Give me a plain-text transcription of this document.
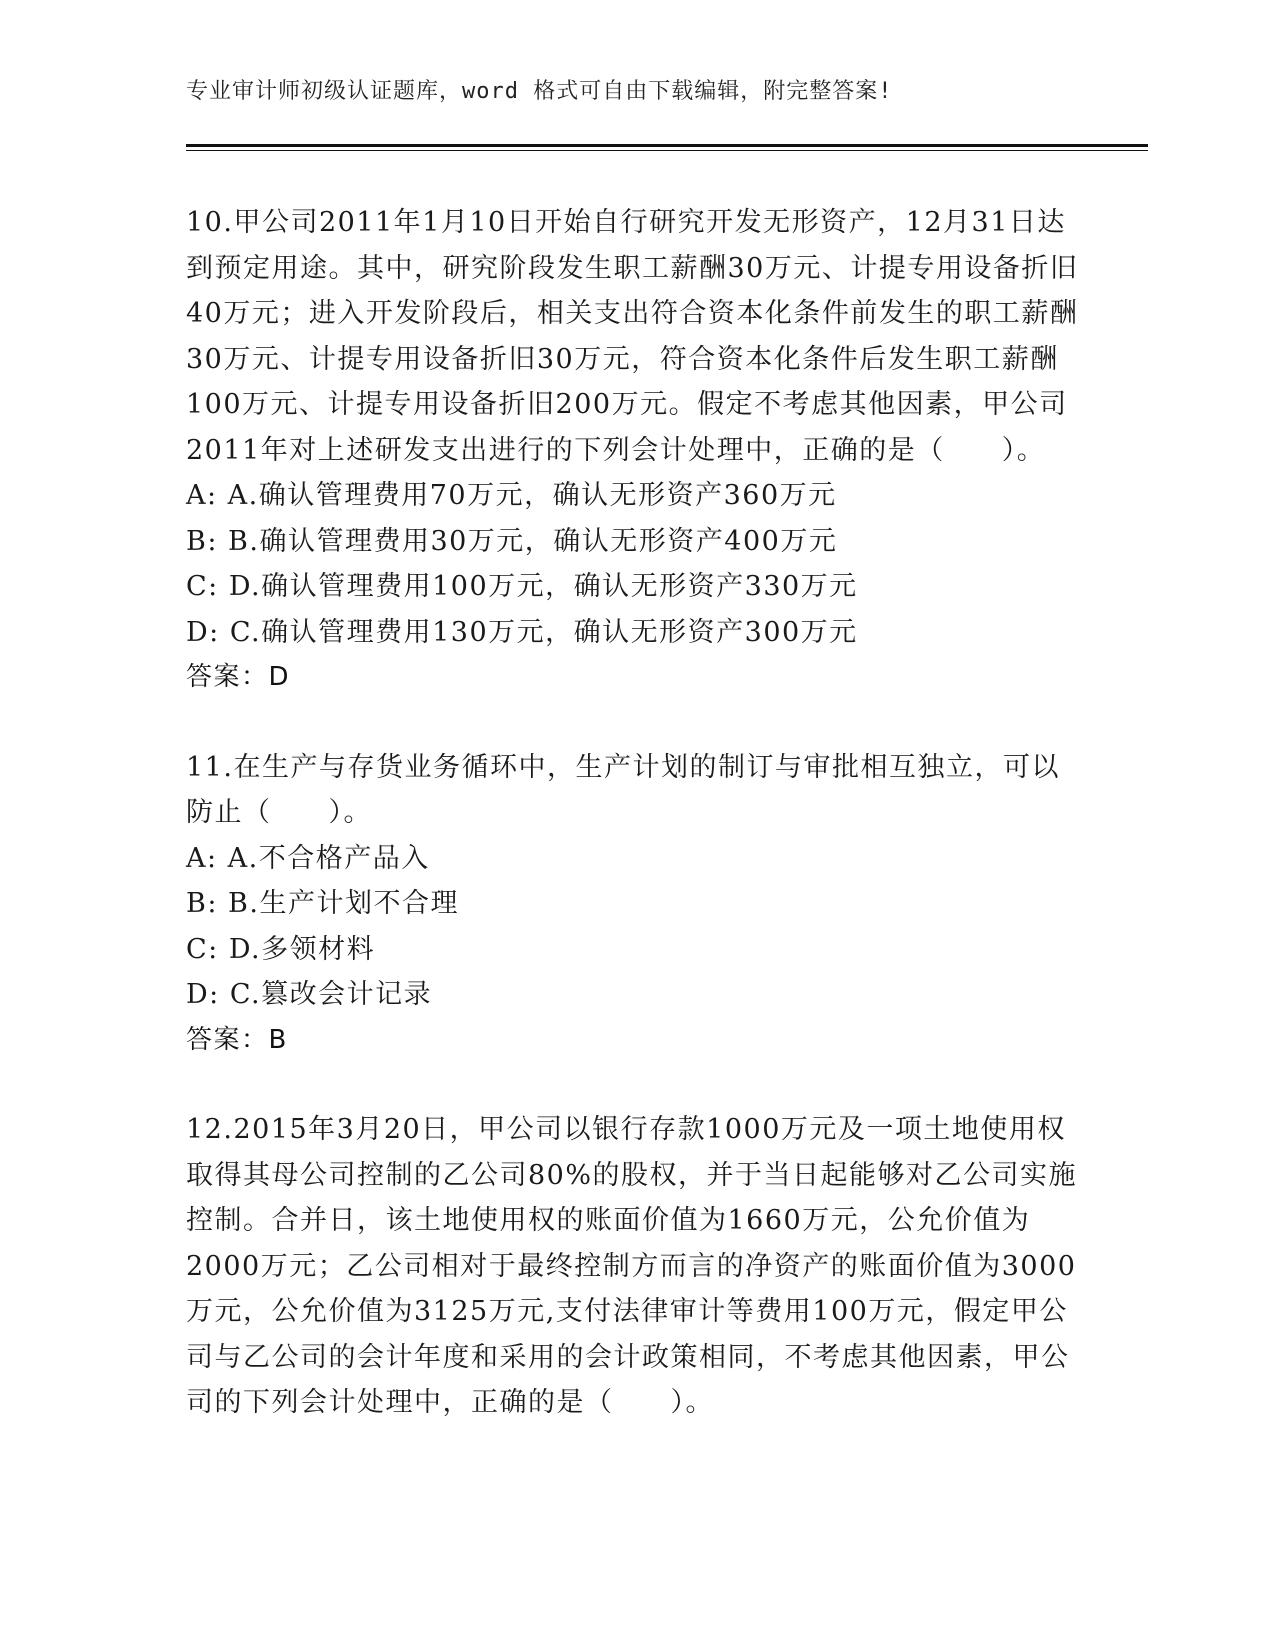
专业审计师初级认证题库，word 格式可自由下载编辑，附完整答案!

10.甲公司2011年1月10日开始自行研究开发无形资产，12月31日达到预定用途。其中，研究阶段发生职工薪酬30万元、计提专用设备折旧40万元；进入开发阶段后，相关支出符合资本化条件前发生的职工薪酬30万元、计提专用设备折旧30万元，符合资本化条件后发生职工薪酬100万元、计提专用设备折旧200万元。假定不考虑其他因素，甲公司2011年对上述研发支出进行的下列会计处理中，正确的是（　　）。

A: A.确认管理费用70万元，确认无形资产360万元

B: B.确认管理费用30万元，确认无形资产400万元

C: D.确认管理费用100万元，确认无形资产330万元

D: C.确认管理费用130万元，确认无形资产300万元

答案：D

11.在生产与存货业务循环中，生产计划的制订与审批相互独立，可以防止（　　）。

A: A.不合格产品入

B: B.生产计划不合理

C: D.多领材料

D: C.篡改会计记录

答案：B

12.2015年3月20日，甲公司以银行存款1000万元及一项土地使用权取得其母公司控制的乙公司80%的股权，并于当日起能够对乙公司实施控制。合并日，该土地使用权的账面价值为1660万元，公允价值为2000万元；乙公司相对于最终控制方而言的净资产的账面价值为3000万元，公允价值为3125万元,支付法律审计等费用100万元，假定甲公司与乙公司的会计年度和采用的会计政策相同，不考虑其他因素，甲公司的下列会计处理中，正确的是（　　）。
